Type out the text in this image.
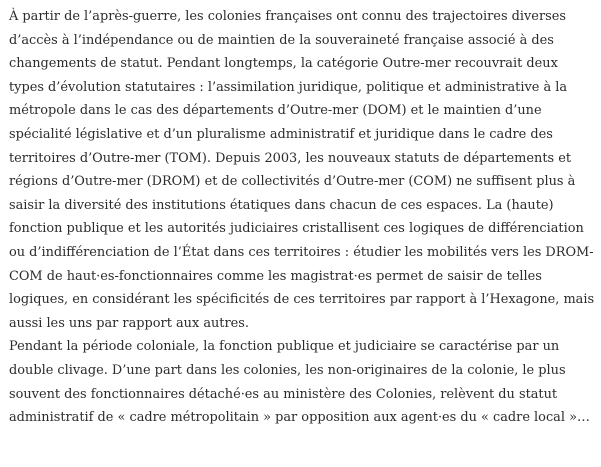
À partir de l’après-guerre, les colonies françaises ont connu des trajectoires diverses
d’accès à l’indépendance ou de maintien de la souveraineté française associé à des
changements de statut. Pendant longtemps, la catégorie Outre-mer recouvrait deux
types d’évolution statutaires : l’assimilation juridique, politique et administrative à la
métropole dans le cas des départements d’Outre-mer (DOM) et le maintien d’une
spécialité législative et d’un pluralisme administratif et juridique dans le cadre des
territoires d’Outre-mer (TOM). Depuis 2003, les nouveaux statuts de départements et
régions d’Outre-mer (DROM) et de collectivités d’Outre-mer (COM) ne suffisent plus à
saisir la diversité des institutions étatiques dans chacun de ces espaces. La (haute)
fonction publique et les autorités judiciaires cristallisent ces logiques de différenciation
ou d’indifférenciation de l’État dans ces territoires : étudier les mobilités vers les DROM-
COM de haut·es-fonctionnaires comme les magistrat·es permet de saisir de telles
logiques, en considérant les spécificités de ces territoires par rapport à l’Hexagone, mais
aussi les uns par rapport aux autres.
Pendant la période coloniale, la fonction publique et judiciaire se caractérise par un
double clivage. D’une part dans les colonies, les non-originaires de la colonie, le plus
souvent des fonctionnaires détaché·es au ministère des Colonies, relèvent du statut
administratif de « cadre métropolitain » par opposition aux agent·es du « cadre local »…
